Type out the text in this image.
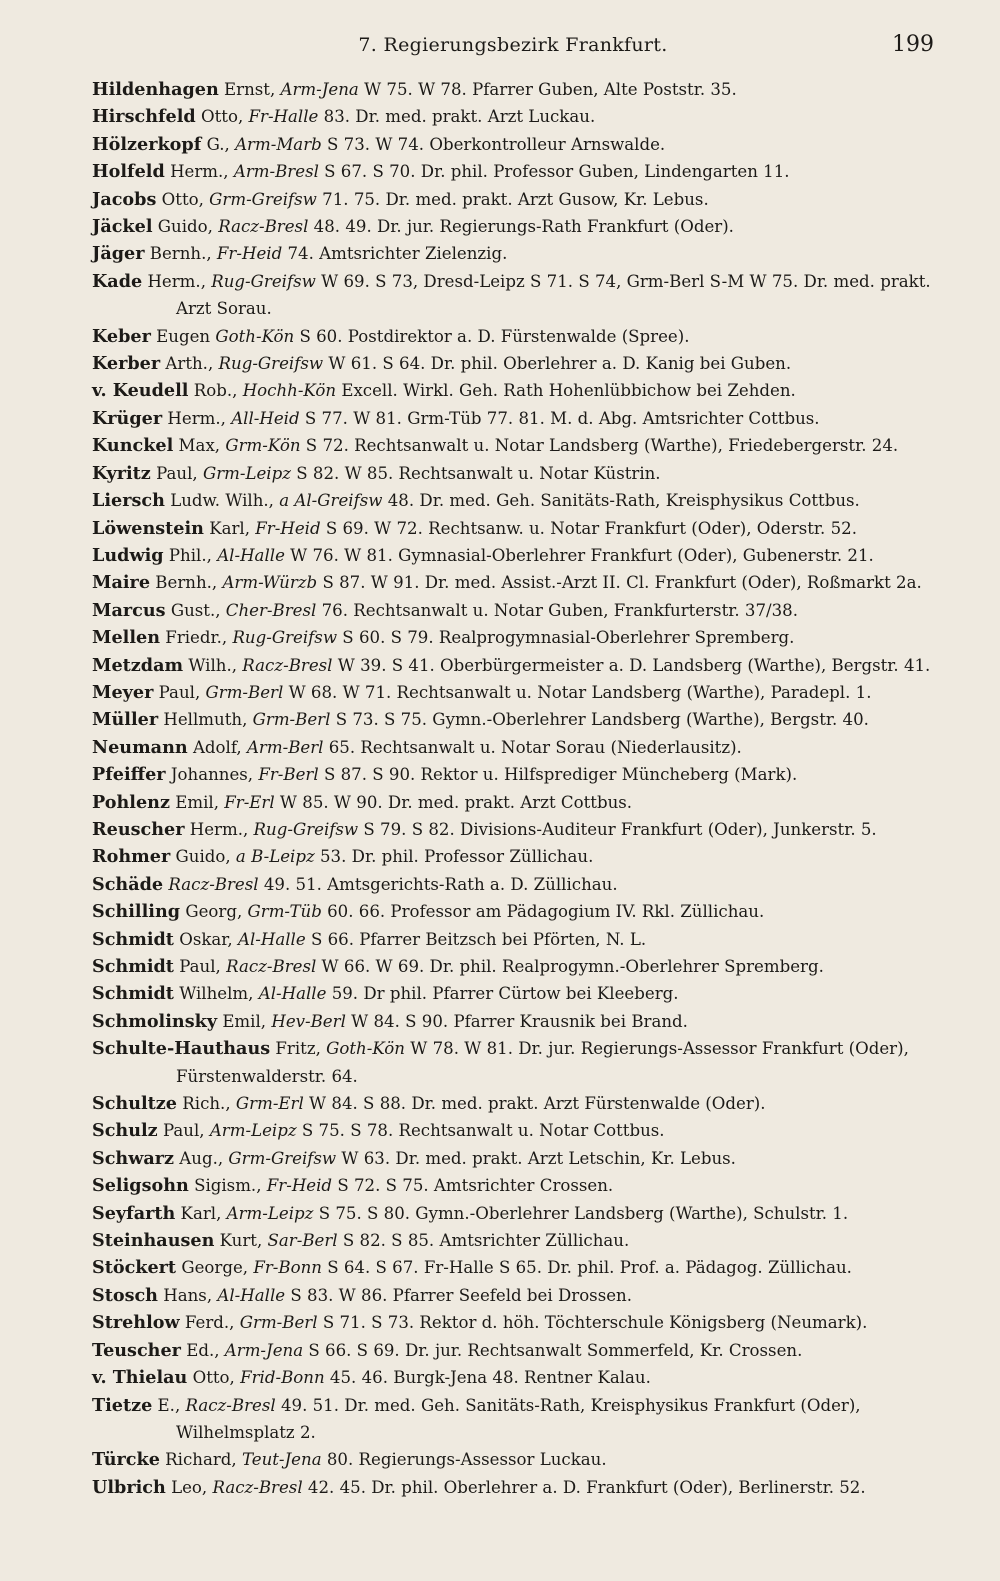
7. Regierungsbezirk Frankfurt.	199

Hildenhagen Ernst, Arm-Jena W 75. W 78. Pfarrer Guben, Alte Poststr. 35.

Hirschfeld Otto, Fr-Halle 83. Dr. med. prakt. Arzt Luckau.

Hölzerkopf G., Arm-Marb S 73. W 74. Oberkontrolleur Arnswalde.

Holfeld Herm., Arm-Bresl S 67. S 70. Dr. phil. Professor Guben, Lindengarten 11.

Jacobs Otto, Grm-Greifsw 71. 75. Dr. med. prakt. Arzt Gusow, Kr. Lebus.

Jäckel Guido, Racz-Bresl 48. 49. Dr. jur. Regierungs-Rath Frankfurt (Oder).

Jäger Bernh., Fr-Heid 74. Amtsrichter Zielenzig.

Kade Herm., Rug-Greifsw W 69. S 73, Dresd-Leipz S 71. S 74, Grm-Berl S-M W 75. Dr. med. prakt. Arzt Sorau.

Keber Eugen Goth-Kön S 60. Postdirektor a. D. Fürstenwalde (Spree).

Kerber Arth., Rug-Greifsw W 61. S 64. Dr. phil. Oberlehrer a. D. Kanig bei Guben.

v. Keudell Rob., Hochh-Kön Excell. Wirkl. Geh. Rath Hohenlübbichow bei Zehden.

Krüger Herm., All-Heid S 77. W 81. Grm-Tüb 77. 81. M. d. Abg. Amtsrichter Cottbus.

Kunckel Max, Grm-Kön S 72. Rechtsanwalt u. Notar Landsberg (Warthe), Friedebergerstr. 24.

Kyritz Paul, Grm-Leipz S 82. W 85. Rechtsanwalt u. Notar Küstrin.

Liersch Ludw. Wilh., a Al-Greifsw 48. Dr. med. Geh. Sanitäts-Rath, Kreisphysikus Cottbus.

Löwenstein Karl, Fr-Heid S 69. W 72. Rechtsanw. u. Notar Frankfurt (Oder), Oderstr. 52.

Ludwig Phil., Al-Halle W 76. W 81. Gymnasial-Oberlehrer Frankfurt (Oder), Gubenerstr. 21.

Maire Bernh., Arm-Würzb S 87. W 91. Dr. med. Assist.-Arzt II. Cl. Frankfurt (Oder), Roßmarkt 2a.

Marcus Gust., Cher-Bresl 76. Rechtsanwalt u. Notar Guben, Frankfurterstr. 37/38.

Mellen Friedr., Rug-Greifsw S 60. S 79. Realprogymnasial-Oberlehrer Spremberg.

Metzdam Wilh., Racz-Bresl W 39. S 41. Oberbürgermeister a. D. Landsberg (Warthe), Bergstr. 41.

Meyer Paul, Grm-Berl W 68. W 71. Rechtsanwalt u. Notar Landsberg (Warthe), Paradepl. 1.

Müller Hellmuth, Grm-Berl S 73. S 75. Gymn.-Oberlehrer Landsberg (Warthe), Bergstr. 40.

Neumann Adolf, Arm-Berl 65. Rechtsanwalt u. Notar Sorau (Niederlausitz).

Pfeiffer Johannes, Fr-Berl S 87. S 90. Rektor u. Hilfsprediger Müncheberg (Mark).

Pohlenz Emil, Fr-Erl W 85. W 90. Dr. med. prakt. Arzt Cottbus.

Reuscher Herm., Rug-Greifsw S 79. S 82. Divisions-Auditeur Frankfurt (Oder), Junkerstr. 5.

Rohmer Guido, a B-Leipz 53. Dr. phil. Professor Züllichau.

Schäde Racz-Bresl 49. 51. Amtsgerichts-Rath a. D. Züllichau.

Schilling Georg, Grm-Tüb 60. 66. Professor am Pädagogium IV. Rkl. Züllichau.

Schmidt Oskar, Al-Halle S 66. Pfarrer Beitzsch bei Pförten, N. L.

Schmidt Paul, Racz-Bresl W 66. W 69. Dr. phil. Realprogymn.-Oberlehrer Spremberg.

Schmidt Wilhelm, Al-Halle 59. Dr phil. Pfarrer Cürtow bei Kleeberg.

Schmolinsky Emil, Hev-Berl W 84. S 90. Pfarrer Krausnik bei Brand.

Schulte-Hauthaus Fritz, Goth-Kön W 78. W 81. Dr. jur. Regierungs-Assessor Frankfurt (Oder), Fürstenwalderstr. 64.

Schultze Rich., Grm-Erl W 84. S 88. Dr. med. prakt. Arzt Fürstenwalde (Oder).

Schulz Paul, Arm-Leipz S 75. S 78. Rechtsanwalt u. Notar Cottbus.

Schwarz Aug., Grm-Greifsw W 63. Dr. med. prakt. Arzt Letschin, Kr. Lebus.

Seligsohn Sigism., Fr-Heid S 72. S 75. Amtsrichter Crossen.

Seyfarth Karl, Arm-Leipz S 75. S 80. Gymn.-Oberlehrer Landsberg (Warthe), Schulstr. 1.

Steinhausen Kurt, Sar-Berl S 82. S 85. Amtsrichter Züllichau.

Stöckert George, Fr-Bonn S 64. S 67. Fr-Halle S 65. Dr. phil. Prof. a. Pädagog. Züllichau.

Stosch Hans, Al-Halle S 83. W 86. Pfarrer Seefeld bei Drossen.

Strehlow Ferd., Grm-Berl S 71. S 73. Rektor d. höh. Töchterschule Königsberg (Neumark).

Teuscher Ed., Arm-Jena S 66. S 69. Dr. jur. Rechtsanwalt Sommerfeld, Kr. Crossen.

v. Thielau Otto, Frid-Bonn 45. 46. Burgk-Jena 48. Rentner Kalau.

Tietze E., Racz-Bresl 49. 51. Dr. med. Geh. Sanitäts-Rath, Kreisphysikus Frankfurt (Oder), Wilhelmsplatz 2.

Türcke Richard, Teut-Jena 80. Regierungs-Assessor Luckau.

Ulbrich Leo, Racz-Bresl 42. 45. Dr. phil. Oberlehrer a. D. Frankfurt (Oder), Berlinerstr. 52.
